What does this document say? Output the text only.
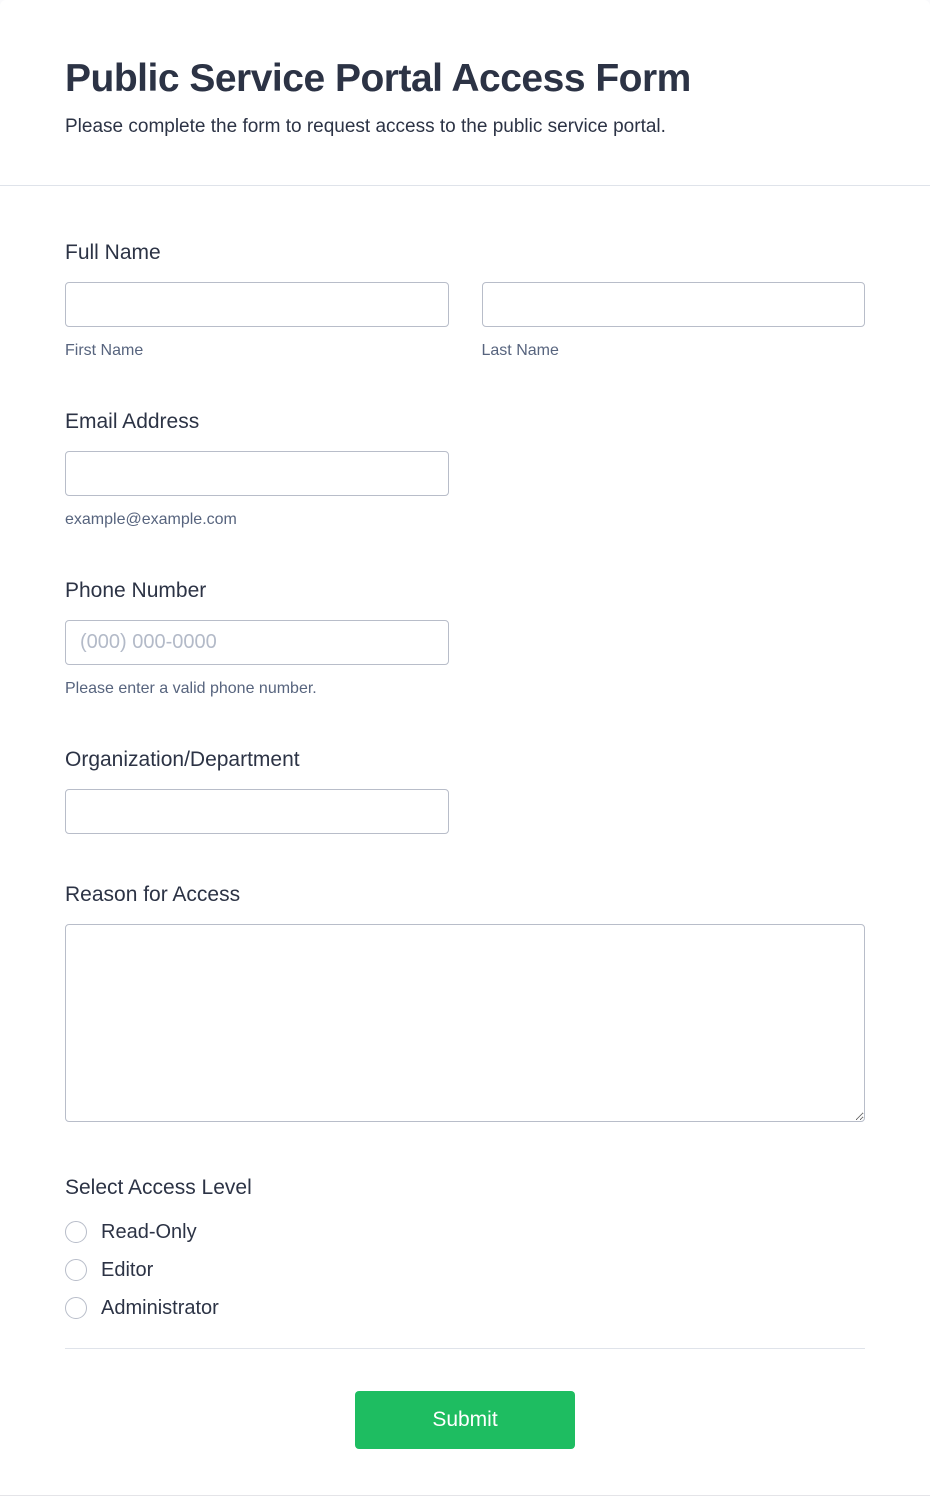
Public Service Portal Access Form
Please complete the form to request access to the public service portal.
Full Name
First Name	Last Name
Email Address
example@example.com
Phone Number
(000) 000-0000
Please enter a valid phone number.
Organization/Department
Reason for Access
Select Access Level
Read-Only
Editor
Administrator
Submit
